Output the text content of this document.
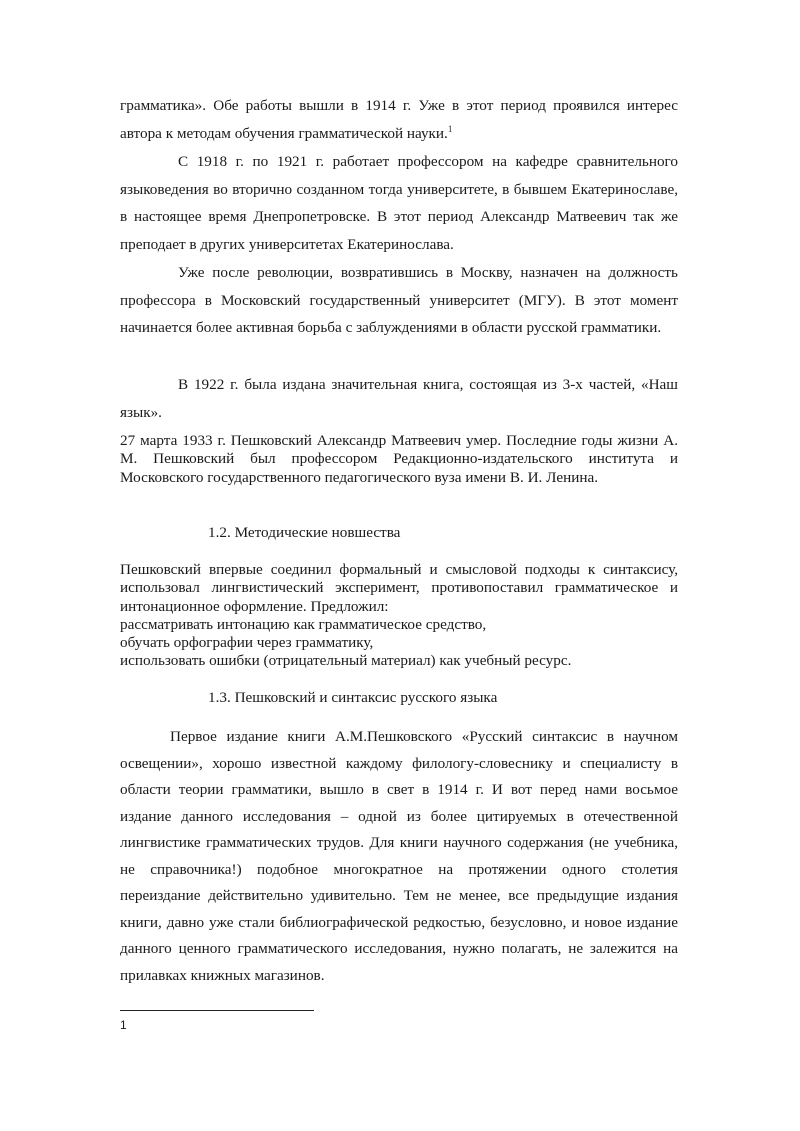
грамматика». Обе работы вышли в 1914 г. Уже в этот период проявился интерес автора к методам обучения грамматической науки.$^1$

С 1918 г. по 1921 г. работает профессором на кафедре сравнительного языковедения во вторично созданном тогда университете, в бывшем Екатеринославе, в настоящее время Днепропетровске. В этот период Александр Матвеевич так же преподает в других университетах Екатеринослава.

Уже после революции, возвратившись в Москву, назначен на должность профессора в Московский государственный университет (МГУ). В этот момент начинается более активная борьба с заблуждениями в области русской грамматики.

В 1922 г. была издана значительная книга, состоящая из 3-х частей, «Наш язык».

27 марта 1933 г. Пешковский Александр Матвеевич умер. Последние годы жизни А. М. Пешковский был профессором Редакционно-издательского института и Московского государственного педагогического вуза имени В. И. Ленина.

1.2. Методические новшества

Пешковский впервые соединил формальный и смысловой подходы к синтаксису, использовал лингвистический эксперимент, противопоставил грамматическое и интонационное оформление. Предложил:
рассматривать интонацию как грамматическое средство,
обучать орфографии через грамматику,
использовать ошибки (отрицательный материал) как учебный ресурс.

1.3. Пешковский и синтаксис русского языка

Первое издание книги А.М.Пешковского «Русский синтаксис в научном освещении», хорошо известной каждому филологу-словеснику и специалисту в области теории грамматики, вышло в свет в 1914 г. И вот перед нами восьмое издание данного исследования – одной из более цитируемых в отечественной лингвистике грамматических трудов. Для книги научного содержания (не учебника, не справочника!) подобное многократное на протяжении одного столетия переиздание действительно удивительно. Тем не менее, все предыдущие издания книги, давно уже стали библиографической редкостью, безусловно, и новое издание данного ценного грамматического исследования, нужно полагать, не залежится на прилавках книжных магазинов.

1
